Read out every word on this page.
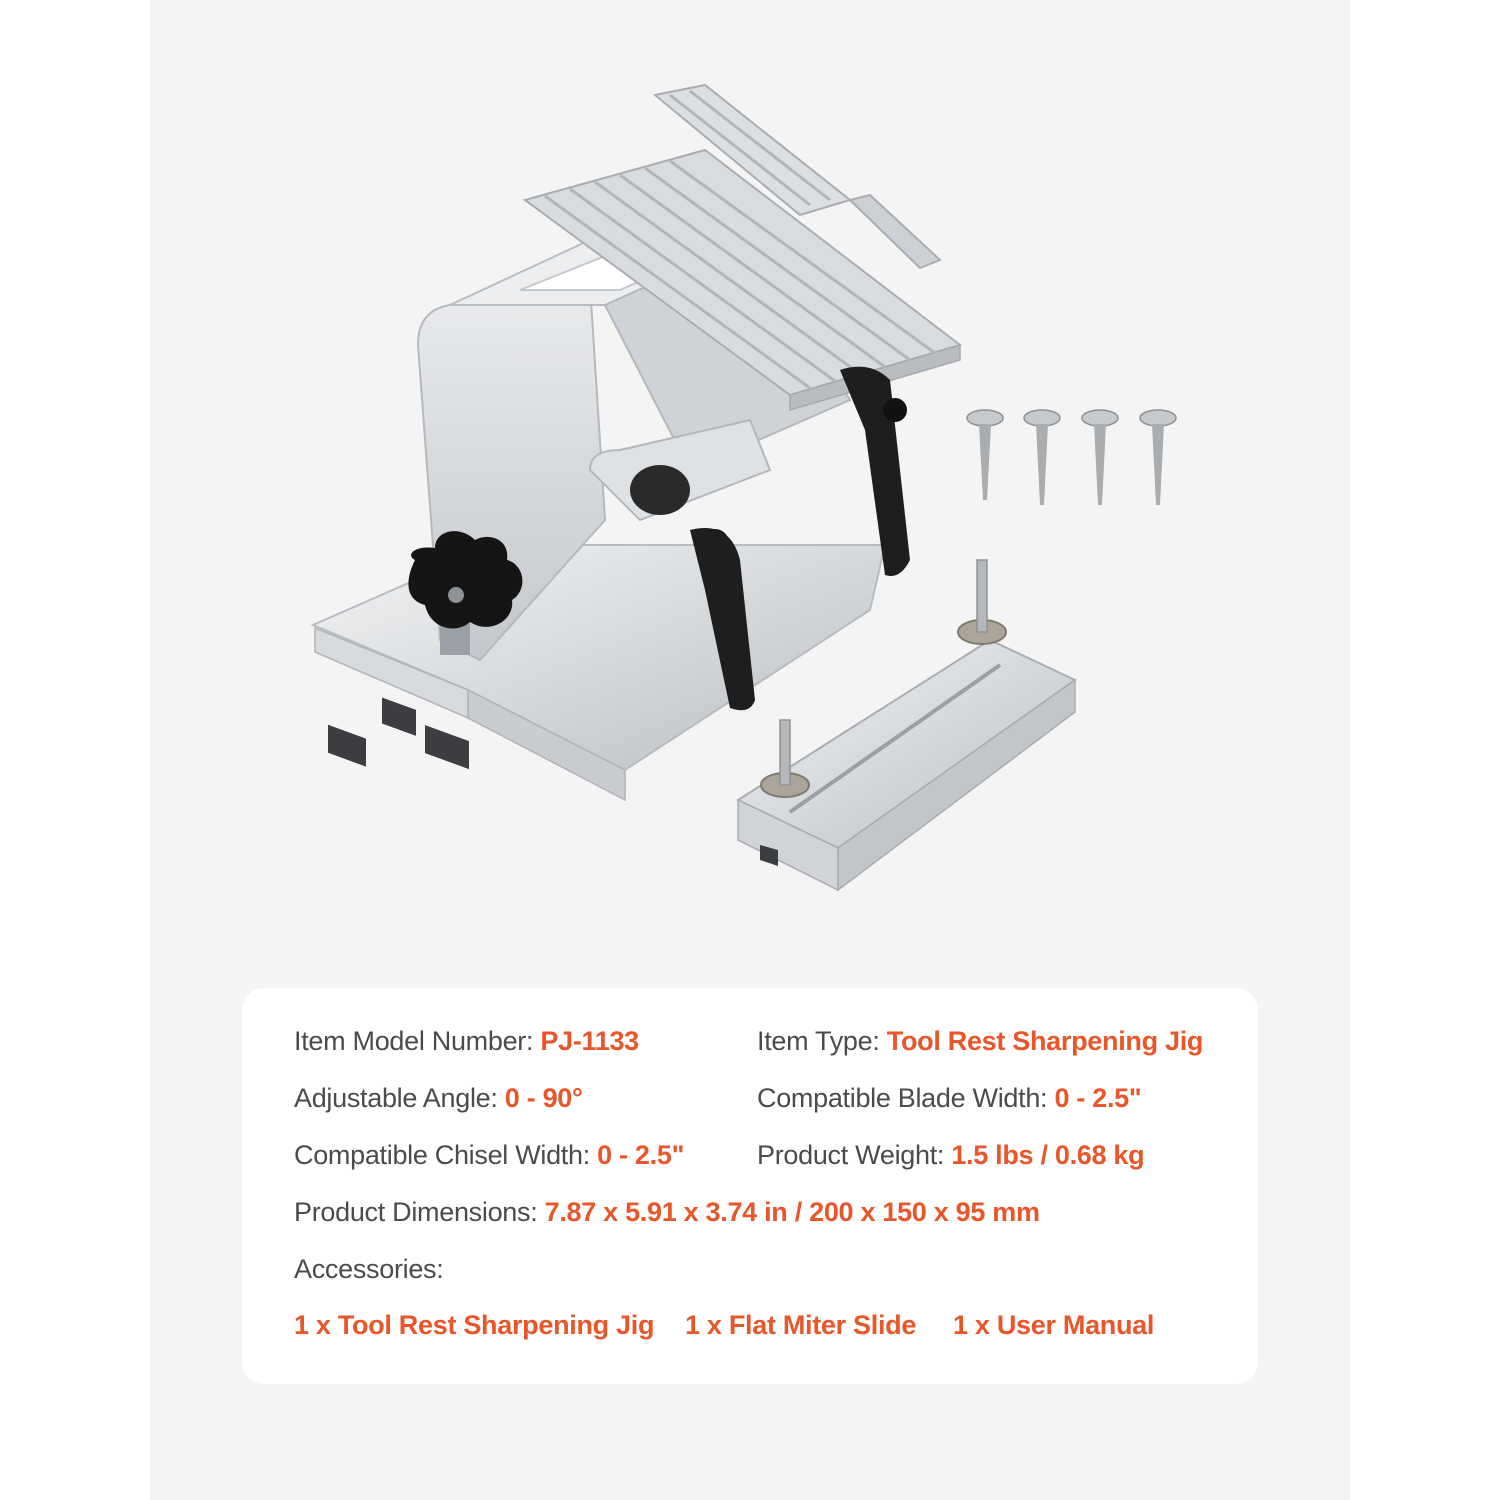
Item Model Number: PJ-1133	Item Type: Tool Rest Sharpening Jig
Adjustable Angle: 0 - 90°	Compatible Blade Width: 0 - 2.5"
Compatible Chisel Width: 0 - 2.5"	Product Weight: 1.5 lbs / 0.68 kg
Product Dimensions: 7.87 x 5.91 x 3.74 in / 200 x 150 x 95 mm
Accessories:
1 x Tool Rest Sharpening Jig 1 x Flat Miter Slide 1 x User Manual
